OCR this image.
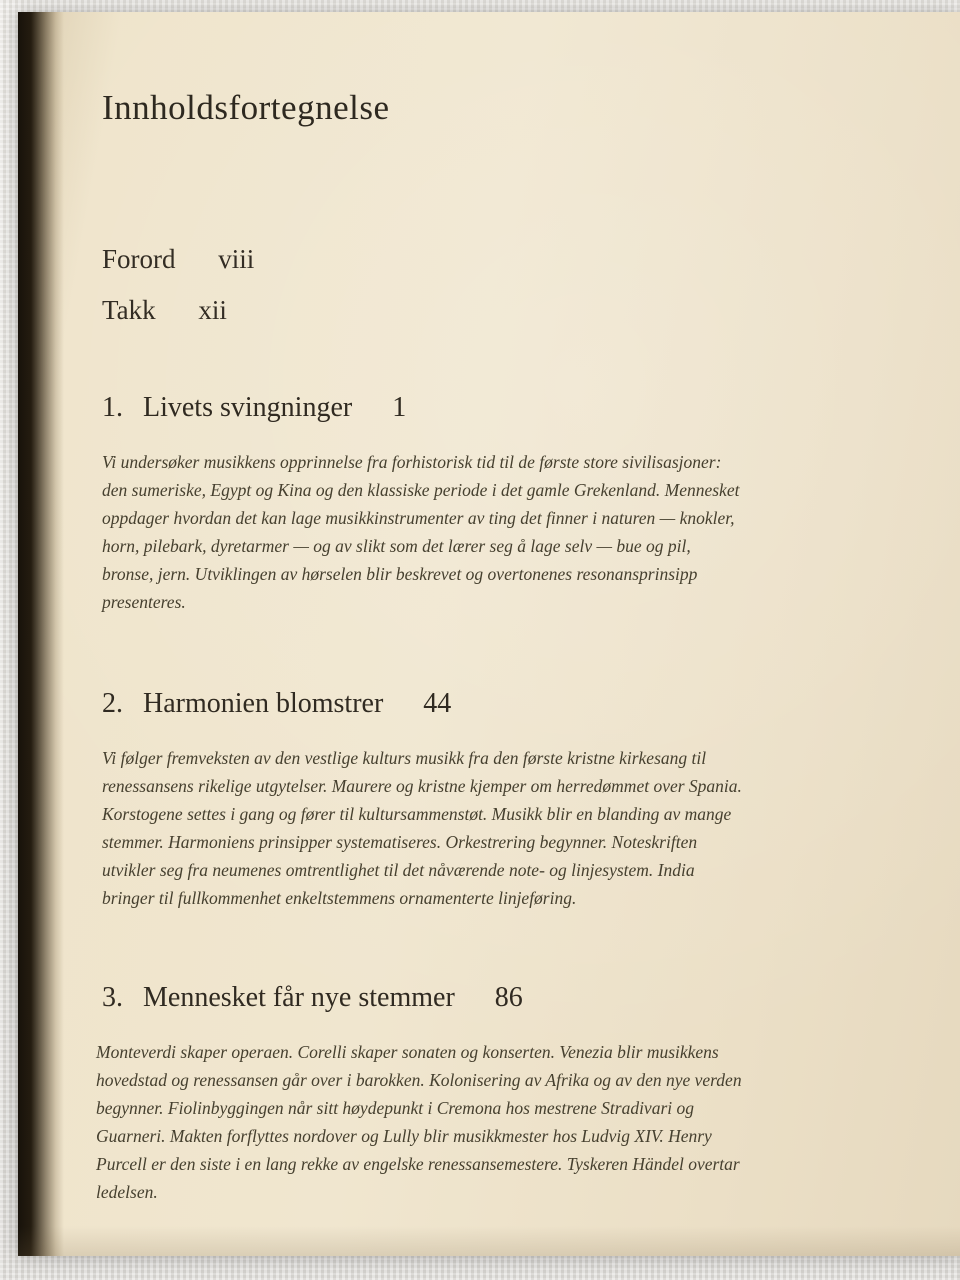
Innholdsfortegnelse
Forord viii
Takk xii
1. Livets svingninger 1

Vi undersøker musikkens opprinnelse fra forhistorisk tid til de første store sivilisasjoner: den sumeriske, Egypt og Kina og den klassiske periode i det gamle Grekenland. Mennesket oppdager hvordan det kan lage musikkinstrumenter av ting det finner i naturen — knokler, horn, pilebark, dyretarmer — og av slikt som det lærer seg å lage selv — bue og pil, bronse, jern. Utviklingen av hørselen blir beskrevet og overtonenes resonansprinsipp presenteres.

2. Harmonien blomstrer 44

Vi følger fremveksten av den vestlige kulturs musikk fra den første kristne kirkesang til renessansens rikelige utgytelser. Maurere og kristne kjemper om herredømmet over Spania. Korstogene settes i gang og fører til kultursammenstøt. Musikk blir en blanding av mange stemmer. Harmoniens prinsipper systematiseres. Orkestrering begynner. Noteskriften utvikler seg fra neumenes omtrentlighet til det nåværende note- og linjesystem. India bringer til fullkommenhet enkeltstemmens ornamenterte linjeføring.

3. Mennesket får nye stemmer 86

Monteverdi skaper operaen. Corelli skaper sonaten og konserten. Venezia blir musikkens hovedstad og renessansen går over i barokken. Kolonisering av Afrika og av den nye verden begynner. Fiolinbyggingen når sitt høydepunkt i Cremona hos mestrene Stradivari og Guarneri. Makten forflyttes nordover og Lully blir musikkmester hos Ludvig XIV. Henry Purcell er den siste i en lang rekke av engelske renessansemestere. Tyskeren Händel overtar ledelsen.
